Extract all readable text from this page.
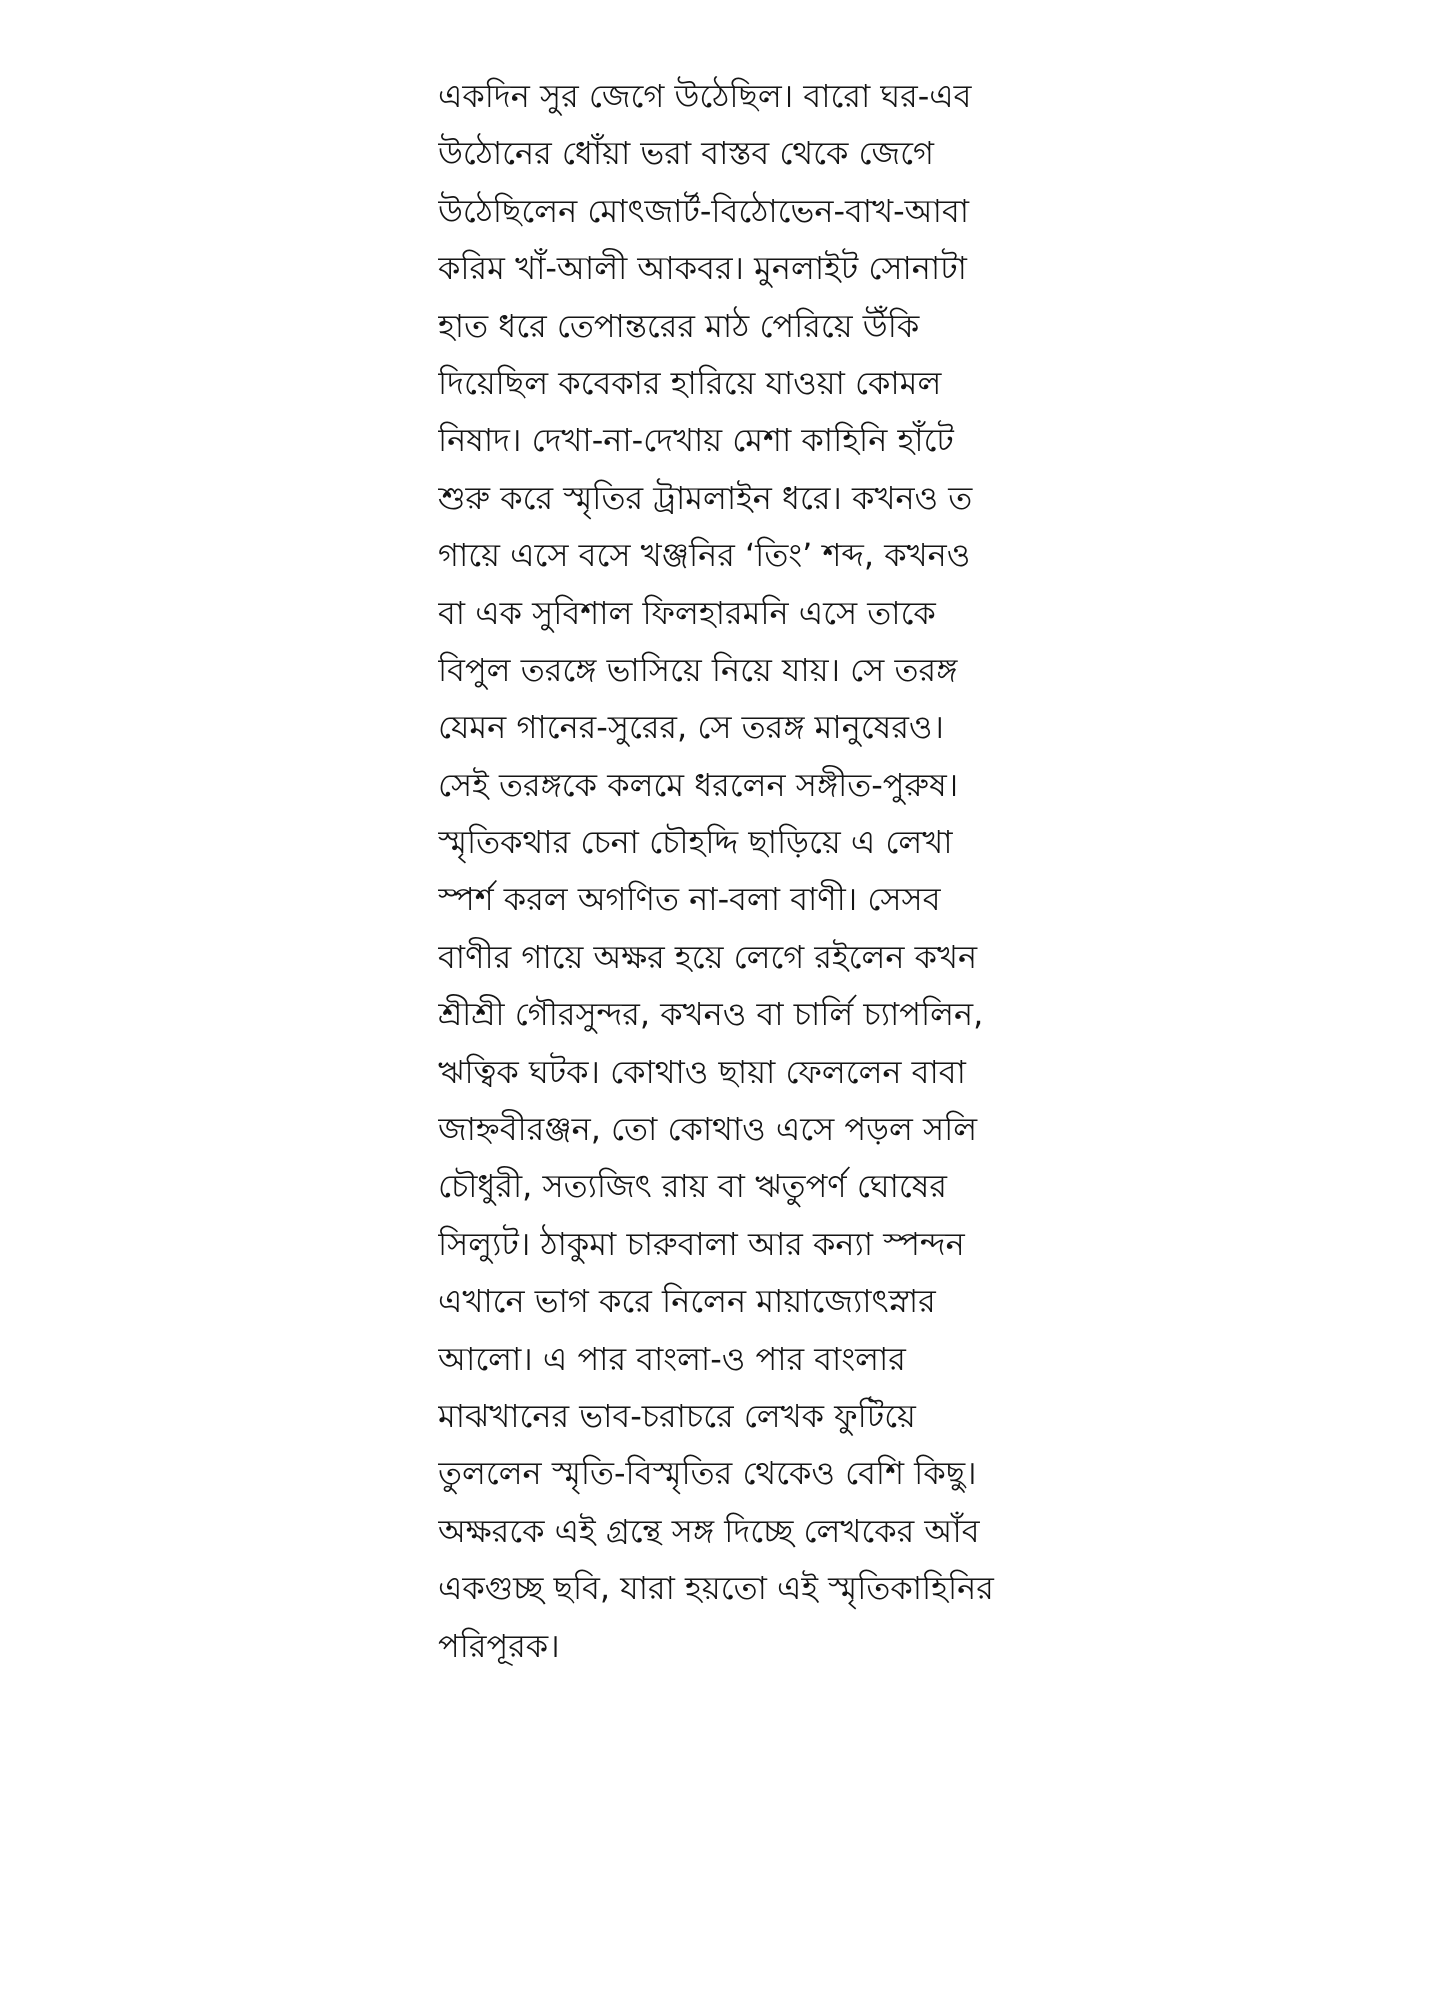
একদিন সুর জেগে উঠেছিল। বারো ঘর-এব
উঠোনের ধোঁয়া ভরা বাস্তব থেকে জেগে
উঠেছিলেন মোৎজার্ট-বিঠোভেন-বাখ-আবা
করিম খাঁ-আলী আকবর। মুনলাইট সোনাটা
হাত ধরে তেপান্তরের মাঠ পেরিয়ে উঁকি
দিয়েছিল কবেকার হারিয়ে যাওয়া কোমল
নিষাদ। দেখা-না-দেখায় মেশা কাহিনি হাঁটে
শুরু করে স্মৃতির ট্রামলাইন ধরে। কখনও ত
গায়ে এসে বসে খঞ্জনির ‘তিং’ শব্দ, কখনও
বা এক সুবিশাল ফিলহারমনি এসে তাকে
বিপুল তরঙ্গে ভাসিয়ে নিয়ে যায়। সে তরঙ্গ
যেমন গানের-সুরের, সে তরঙ্গ মানুষেরও।
সেই তরঙ্গকে কলমে ধরলেন সঙ্গীত-পুরুষ।
স্মৃতিকথার চেনা চৌহদ্দি ছাড়িয়ে এ লেখা
স্পর্শ করল অগণিত না-বলা বাণী। সেসব
বাণীর গায়ে অক্ষর হয়ে লেগে রইলেন কখন
শ্রীশ্রী গৌরসুন্দর, কখনও বা চার্লি চ্যাপলিন,
ঋত্বিক ঘটক। কোথাও ছায়া ফেললেন বাবা
জাহ্নবীরঞ্জন, তো কোথাও এসে পড়ল সলি
চৌধুরী, সত্যজিৎ রায় বা ঋতুপর্ণ ঘোষের
সিল্যুট। ঠাকুমা চারুবালা আর কন্যা স্পন্দন
এখানে ভাগ করে নিলেন মায়াজ্যোৎস্নার
আলো। এ পার বাংলা-ও পার বাংলার
মাঝখানের ভাব-চরাচরে লেখক ফুটিয়ে
তুললেন স্মৃতি-বিস্মৃতির থেকেও বেশি কিছু।
অক্ষরকে এই গ্রন্থে সঙ্গ দিচ্ছে লেখকের আঁব
একগুচ্ছ ছবি, যারা হয়তো এই স্মৃতিকাহিনির
পরিপূরক।
